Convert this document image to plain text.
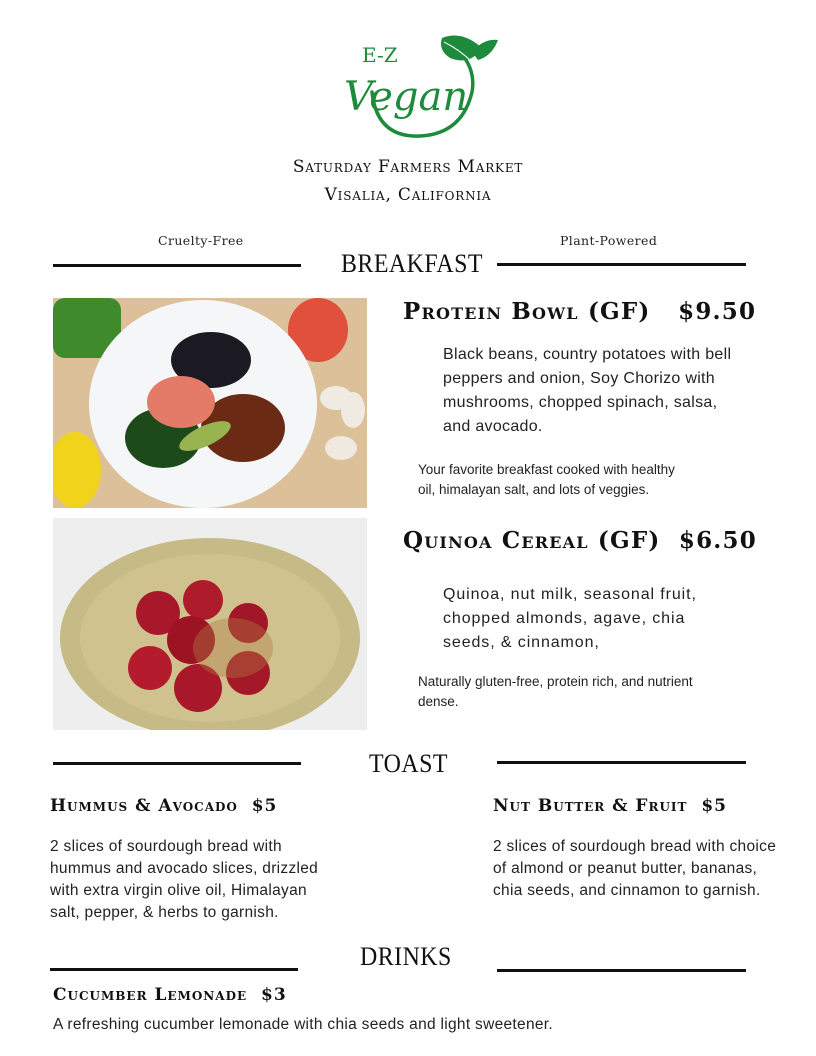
E-Z
Vegan
Saturday Farmers Market
Visalia, California
Cruelty-Free	Plant-Powered
BREAKFAST
Protein Bowl (GF) $9.50
Black beans, country potatoes with bell peppers and onion, Soy Chorizo with mushrooms, chopped spinach, salsa, and avocado.
Your favorite breakfast cooked with healthy oil, himalayan salt, and lots of veggies.
Quinoa Cereal (GF) $6.50
Quinoa, nut milk, seasonal fruit, chopped almonds, agave, chia seeds, & cinnamon,
Naturally gluten-free, protein rich, and nutrient dense.
TOAST
Hummus & Avocado $5
2 slices of sourdough bread with hummus and avocado slices, drizzled with extra virgin olive oil, Himalayan salt, pepper, & herbs to garnish.
Nut Butter & Fruit $5
2 slices of sourdough bread with choice of almond or peanut butter, bananas, chia seeds, and cinnamon to garnish.
DRINKS
Cucumber Lemonade $3
A refreshing cucumber lemonade with chia seeds and light sweetener.
